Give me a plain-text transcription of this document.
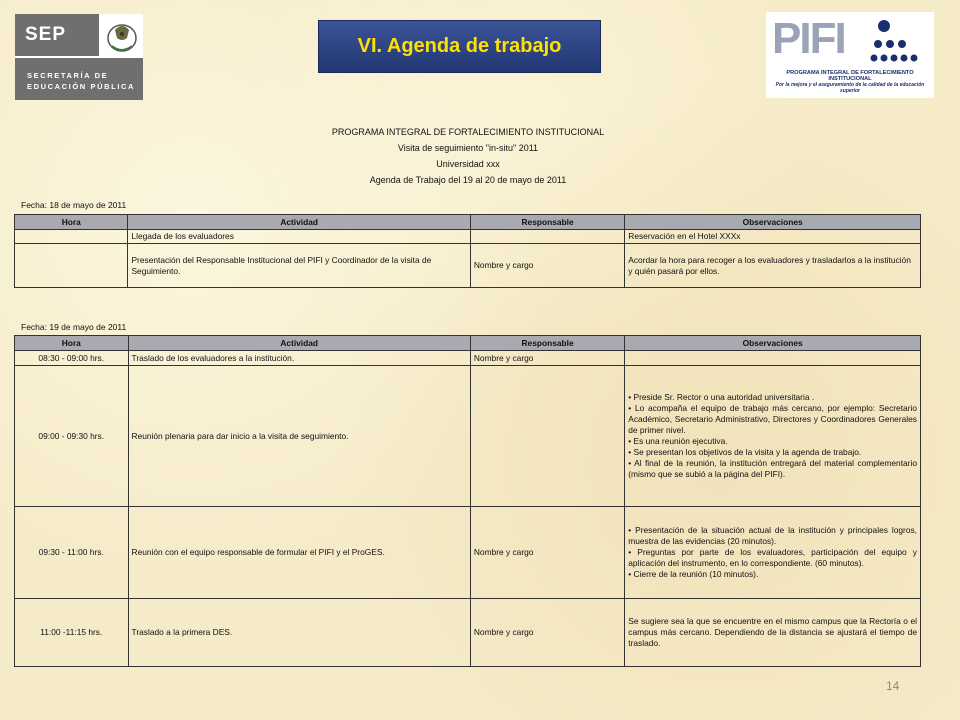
SEP
SECRETARÍA DE
EDUCACIÓN PÚBLICA
VI. Agenda de trabajo	PIFI
PROGRAMA INTEGRAL DE FORTALECIMIENTO INSTITUCIONAL
Por la mejora y el aseguramiento de la calidad de la educación superior
PROGRAMA INTEGRAL DE FORTALECIMIENTO INSTITUCIONAL
Visita de seguimiento "in-situ" 2011
Universidad xxx
Agenda de Trabajo del 19 al 20 de mayo de 2011
Fecha: 18 de mayo de 2011
Hora	Actividad	Responsable	Observaciones
	Llegada de los evaluadores		Reservación en el Hotel XXXx
	Presentación del Responsable Institucional del PIFI y Coordinador de la visita de Seguimiento.	Nombre y cargo	Acordar la hora para recoger a los evaluadores y trasladarlos a la institución y quién pasará por ellos.
Fecha: 19 de mayo de 2011
Hora	Actividad	Responsable	Observaciones
08:30 - 09:00 hrs.	Traslado de los evaluadores a la institución.	Nombre y cargo	
09:00 - 09:30 hrs.	Reunión plenaria para dar inicio a la visita de seguimiento.		• Preside Sr. Rector o una autoridad universitaria .
• Lo acompaña el equipo de trabajo más cercano, por ejemplo: Secretario Académico, Secretario Administrativo, Directores y Coordinadores Generales de primer nivel.
• Es una reunión ejecutiva.
• Se presentan los objetivos de la visita y la agenda de trabajo.
• Al final de la reunión, la institución entregará del material complementario (mismo que se subió a la página del PIFI).

09:30 - 11:00 hrs.	Reunión con el equipo responsable de formular el PIFI y el ProGES.	Nombre y cargo	• Presentación de la situación actual de la institución y principales logros, muestra de las evidencias (20 minutos).
• Preguntas por parte de los evaluadores, participación del equipo y aplicación del instrumento, en lo correspondiente. (60 minutos).
• Cierre de la reunión (10 minutos).

11:00 -11:15 hrs.	Traslado a la primera DES.	Nombre y cargo	Se sugiere sea la que se encuentre en el mismo campus que la Rectoría o el campus más cercano. Dependiendo de la distancia se ajustará el tiempo de traslado.
14
